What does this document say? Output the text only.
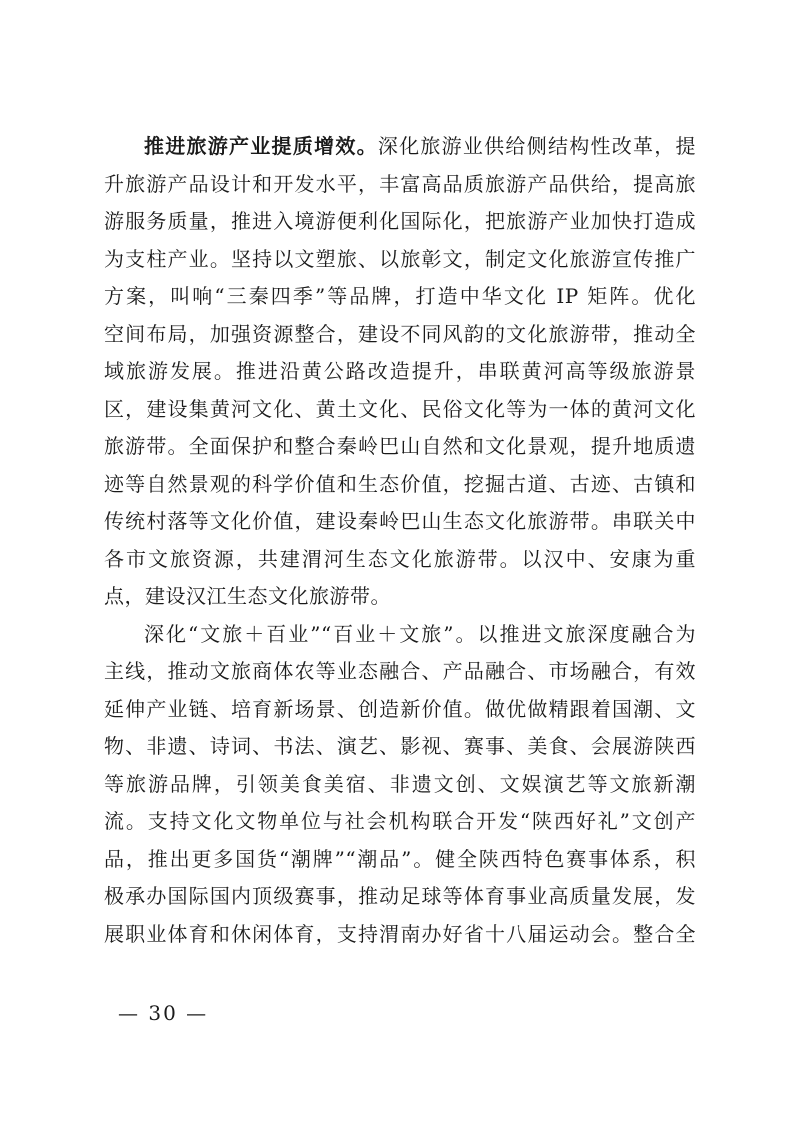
推进旅游产业提质增效。深化旅游业供给侧结构性改革，提
升旅游产品设计和开发水平，丰富高品质旅游产品供给，提高旅
游服务质量，推进入境游便利化国际化，把旅游产业加快打造成
为支柱产业。坚持以文塑旅、以旅彰文，制定文化旅游宣传推广
方案，叫响“三秦四季”等品牌，打造中华文化 IP 矩阵。优化
空间布局，加强资源整合，建设不同风韵的文化旅游带，推动全
域旅游发展。推进沿黄公路改造提升，串联黄河高等级旅游景
区，建设集黄河文化、黄土文化、民俗文化等为一体的黄河文化
旅游带。全面保护和整合秦岭巴山自然和文化景观，提升地质遗
迹等自然景观的科学价值和生态价值，挖掘古道、古迹、古镇和
传统村落等文化价值，建设秦岭巴山生态文化旅游带。串联关中
各市文旅资源，共建渭河生态文化旅游带。以汉中、安康为重
点，建设汉江生态文化旅游带。
深化“文旅＋百业”“百业＋文旅”。以推进文旅深度融合为
主线，推动文旅商体农等业态融合、产品融合、市场融合，有效
延伸产业链、培育新场景、创造新价值。做优做精跟着国潮、文
物、非遗、诗词、书法、演艺、影视、赛事、美食、会展游陕西
等旅游品牌，引领美食美宿、非遗文创、文娱演艺等文旅新潮
流。支持文化文物单位与社会机构联合开发“陕西好礼”文创产
品，推出更多国货“潮牌”“潮品”。健全陕西特色赛事体系，积
极承办国际国内顶级赛事，推动足球等体育事业高质量发展，发
展职业体育和休闲体育，支持渭南办好省十八届运动会。整合全
— 30 —
